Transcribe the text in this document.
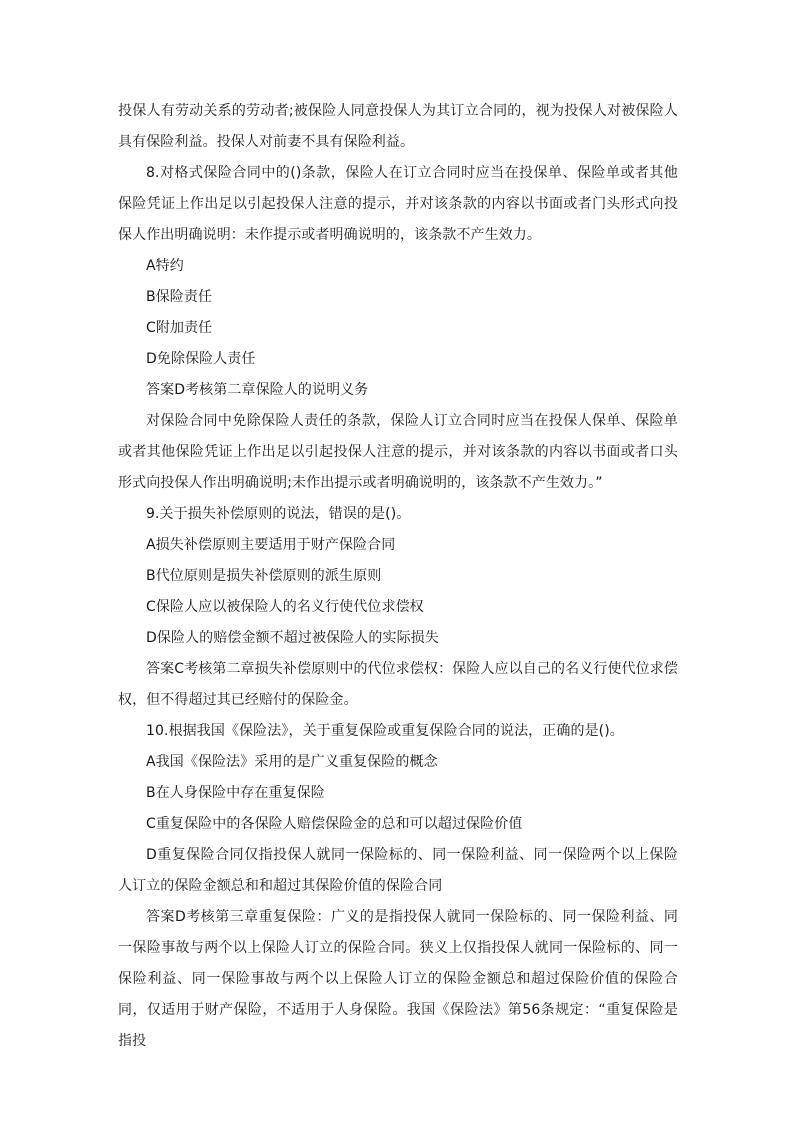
投保人有劳动关系的劳动者;被保险人同意投保人为其订立合同的，视为投保人对被保险人具有保险利益。投保人对前妻不具有保险利益。

8.对格式保险合同中的()条款，保险人在订立合同时应当在投保单、保险单或者其他保险凭证上作出足以引起投保人注意的提示，并对该条款的内容以书面或者门头形式向投保人作出明确说明：未作提示或者明确说明的，该条款不产生效力。

A特约

B保险责任

C附加责任

D免除保险人责任

答案D考核第二章保险人的说明义务

对保险合同中免除保险人责任的条款，保险人订立合同时应当在投保人保单、保险单或者其他保险凭证上作出足以引起投保人注意的提示，并对该条款的内容以书面或者口头形式向投保人作出明确说明;未作出提示或者明确说明的，该条款不产生效力。”

9.关于损失补偿原则的说法，错误的是()。

A损失补偿原则主要适用于财产保险合同

B代位原则是损失补偿原则的派生原则

C保险人应以被保险人的名义行使代位求偿权

D保险人的赔偿金额不超过被保险人的实际损失

答案C考核第二章损失补偿原则中的代位求偿权：保险人应以自己的名义行使代位求偿权，但不得超过其已经赔付的保险金。

10.根据我国《保险法》，关于重复保险或重复保险合同的说法，正确的是()。

A我国《保险法》采用的是广义重复保险的概念

B在人身保险中存在重复保险

C重复保险中的各保险人赔偿保险金的总和可以超过保险价值

D重复保险合同仅指投保人就同一保险标的、同一保险利益、同一保险两个以上保险人订立的保险金额总和和超过其保险价值的保险合同

答案D考核第三章重复保险：广义的是指投保人就同一保险标的、同一保险利益、同一保险事故与两个以上保险人订立的保险合同。狭义上仅指投保人就同一保险标的、同一保险利益、同一保险事故与两个以上保险人订立的保险金额总和超过保险价值的保险合同，仅适用于财产保险，不适用于人身保险。我国《保险法》第56条规定：“重复保险是指投
